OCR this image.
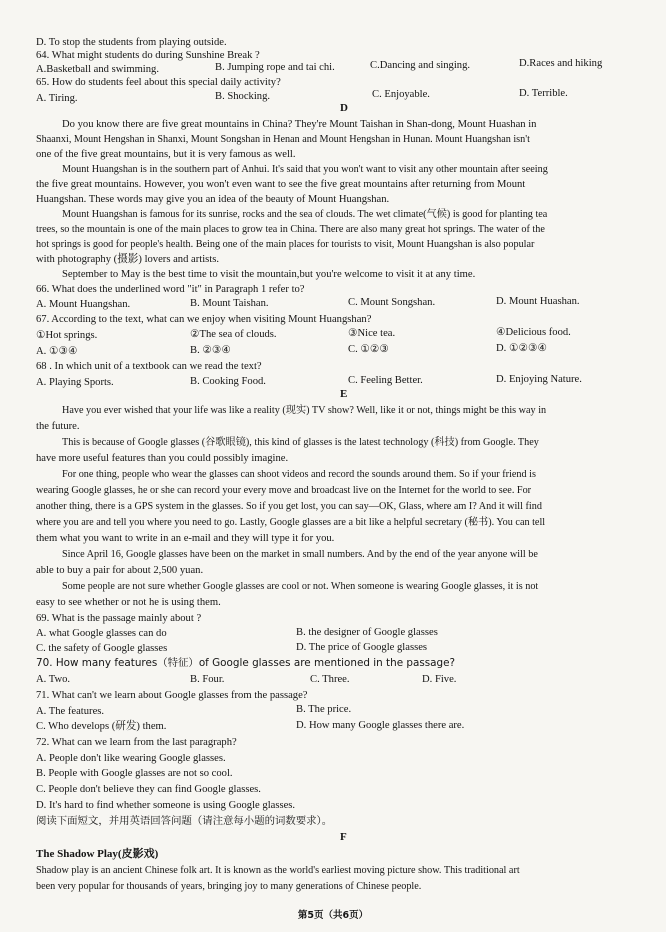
D. To stop the students from playing outside.
64. What might students do during Sunshine Break ?
A.Basketball and swimming.	B. Jumping rope and tai chi.	C.Dancing and singing.	D.Races and hiking
65. How do students feel about this special daily activity?
A. Tiring.	B. Shocking.	C. Enjoyable.	D. Terrible.
D
Do you know there are five great mountains in China? They're Mount Taishan in Shan-dong, Mount Huashan in
Shaanxi, Mount Hengshan in Shanxi, Mount Songshan in Henan and Mount Hengshan in Hunan. Mount Huangshan isn't
one of the five great mountains, but it is very famous as well.
Mount Huangshan is in the southern part of Anhui. It's said that you won't want to visit any other mountain after seeing
the five great mountains. However, you won't even want to see the five great mountains after returning from Mount
Huangshan. These words may give you an idea of the beauty of Mount Huangshan.
Mount Huangshan is famous for its sunrise, rocks and the sea of clouds. The wet climate(气候) is good for planting tea
trees, so the mountain is one of the main places to grow tea in China. There are also many great hot springs. The water of the
hot springs is good for people's health. Being one of the main places for tourists to visit, Mount Huangshan is also popular
with photography (摄影) lovers and artists.
September to May is the best time to visit the mountain,but you're welcome to visit it at any time.
66. What does the underlined word "it" in Paragraph 1 refer to?
A. Mount Huangshan.	B. Mount Taishan.	C. Mount Songshan.	D. Mount Huashan.
67. According to the text, what can we enjoy when visiting Mount Huangshan?
①Hot springs.	②The sea of clouds.	③Nice tea.	④Delicious food.
A. ①③④	B. ②③④	C. ①②③	D. ①②③④
68 . In which unit of a textbook can we read the text?
A. Playing Sports.	B. Cooking Food.	C. Feeling Better.	D. Enjoying Nature.
E
Have you ever wished that your life was like a reality (现实) TV show? Well, like it or not, things might be this way in
the future.
This is because of Google glasses (谷歌眼镜), this kind of glasses is the latest technology (科技) from Google. They
have more useful features than you could possibly imagine.
For one thing, people who wear the glasses can shoot videos and record the sounds around them. So if your friend is
wearing Google glasses, he or she can record your every move and broadcast live on the Internet for the world to see. For
another thing, there is a GPS system in the glasses. So if you get lost, you can say—OK, Glass, where am I? And it will find
where you are and tell you where you need to go. Lastly, Google glasses are a bit like a helpful secretary (秘书). You can tell
them what you want to write in an e-mail and they will type it for you.
Since April 16, Google glasses have been on the market in small numbers. And by the end of the year anyone will be
able to buy a pair for about 2,500 yuan.
Some people are not sure whether Google glasses are cool or not. When someone is wearing Google glasses, it is not
easy to see whether or not he is using them.
69. What is the passage mainly about ?
A. what Google glasses can do	B. the designer of Google glasses
C. the safety of Google glasses	D. The price of Google glasses
70. How many features（特征）of Google glasses are mentioned in the passage?
A. Two.	B. Four.	C. Three.	D. Five.
71. What can't we learn about Google glasses from the passage?
A. The features.	B. The price.
C. Who develops (研发) them.	D. How many Google glasses there are.
72. What can we learn from the last paragraph?
A. People don't like wearing Google glasses.
B. People with Google glasses are not so cool.
C. People don't believe they can find Google glasses.
D. It's hard to find whether someone is using Google glasses.
阅读下面短文，并用英语回答问题（请注意每小题的词数要求）。
F
The Shadow Play(皮影戏)
Shadow play is an ancient Chinese folk art. It is known as the world's earliest moving picture show. This traditional art
been very popular for thousands of years, bringing joy to many generations of Chinese people.
第5页（共6页）
